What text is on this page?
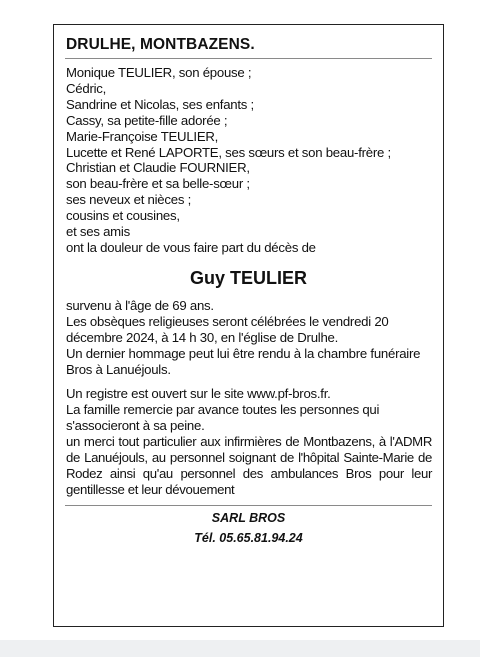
DRULHE, MONTBAZENS.
Monique TEULIER, son épouse ;
Cédric,
Sandrine et Nicolas, ses enfants ;
Cassy, sa petite-fille adorée ;
Marie-Françoise TEULIER,
Lucette et René LAPORTE, ses sœurs et son beau-frère ;
Christian et Claudie FOURNIER,
son beau-frère et sa belle-sœur ;
ses neveux et nièces ;
cousins et cousines,
et ses amis
ont la douleur de vous faire part du décès de
Guy TEULIER
survenu à l'âge de 69 ans.
Les obsèques religieuses seront célébrées le vendredi 20 décembre 2024, à 14 h 30, en l'église de Drulhe.
Un dernier hommage peut lui être rendu à la chambre funéraire Bros à Lanuéjouls.
Un registre est ouvert sur le site www.pf-bros.fr.
La famille remercie par avance toutes les personnes qui s'associeront à sa peine.
un merci tout particulier aux infirmières de Montbazens, à l'ADMR de Lanuéjouls, au personnel soignant de l'hôpital Sainte-Marie de Rodez ainsi qu'au personnel des ambulances Bros pour leur gentillesse et leur dévouement
SARL BROS
Tél. 05.65.81.94.24
